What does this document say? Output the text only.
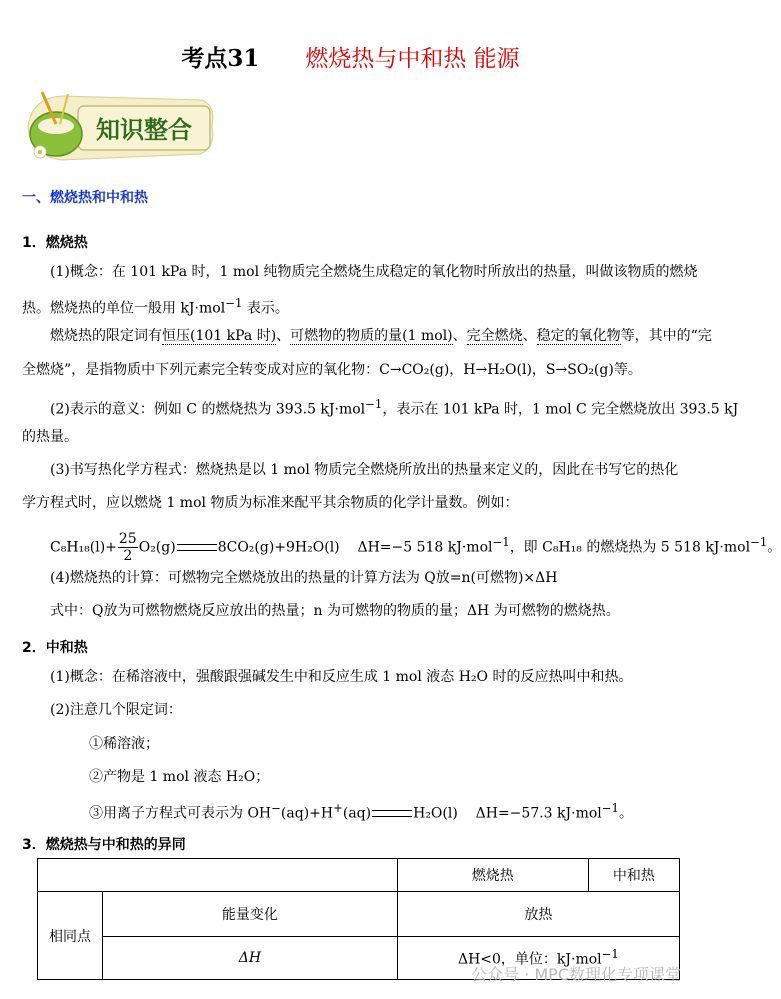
考点31 燃烧热与中和热 能源
知识整合
一、燃烧热和中和热
1．燃烧热
(1)概念：在 101 kPa 时，1 mol 纯物质完全燃烧生成稳定的氧化物时所放出的热量，叫做该物质的燃烧
热。燃烧热的单位一般用 kJ·mol$^{-1}$ 表示。
燃烧热的限定词有恒压(101 kPa 时)、可燃物的物质的量(1 mol)、完全燃烧、稳定的氧化物等，其中的“完
全燃烧”，是指物质中下列元素完全转变成对应的氧化物：C→CO₂(g)，H→H₂O(l)，S→SO₂(g)等。
(2)表示的意义：例如 C 的燃烧热为 393.5 kJ·mol$^{-1}$，表示在 101 kPa 时，1 mol C 完全燃烧放出 393.5 kJ
的热量。
(3)书写热化学方程式：燃烧热是以 1 mol 物质完全燃烧所放出的热量来定义的，因此在书写它的热化
学方程式时，应以燃烧 1 mol 物质为标准来配平其余物质的化学计量数。例如：
$C_8H_{18}(l)+ \frac{25}{2} O_2(g)$	8CO₂(g)+9H₂O(l) ΔH=−5 518 kJ·mol$^{-1}$，即 C₈H₁₈ 的燃烧热为 5 518 kJ·mol$^{-1}$。
(4)燃烧热的计算：可燃物完全燃烧放出的热量的计算方法为 Q放=n(可燃物)×ΔH
式中：Q放为可燃物燃烧反应放出的热量；n 为可燃物的物质的量；ΔH 为可燃物的燃烧热。
2．中和热
(1)概念：在稀溶液中，强酸跟强碱发生中和反应生成 1 mol 液态 H₂O 时的反应热叫中和热。
(2)注意几个限定词：
①稀溶液；
②产物是 1 mol 液态 H₂O；
③用离子方程式可表示为 OH−(aq)+H+(aq)	H₂O(l) ΔH=−57.3 kJ·mol$^{-1}$。
3．燃烧热与中和热的异同
		燃烧热	中和热
相同点	能量变化	放热	
	ΔH	ΔH<0，单位：kJ·mol$^{-1}$
公众号 · MPC数理化专项课堂
